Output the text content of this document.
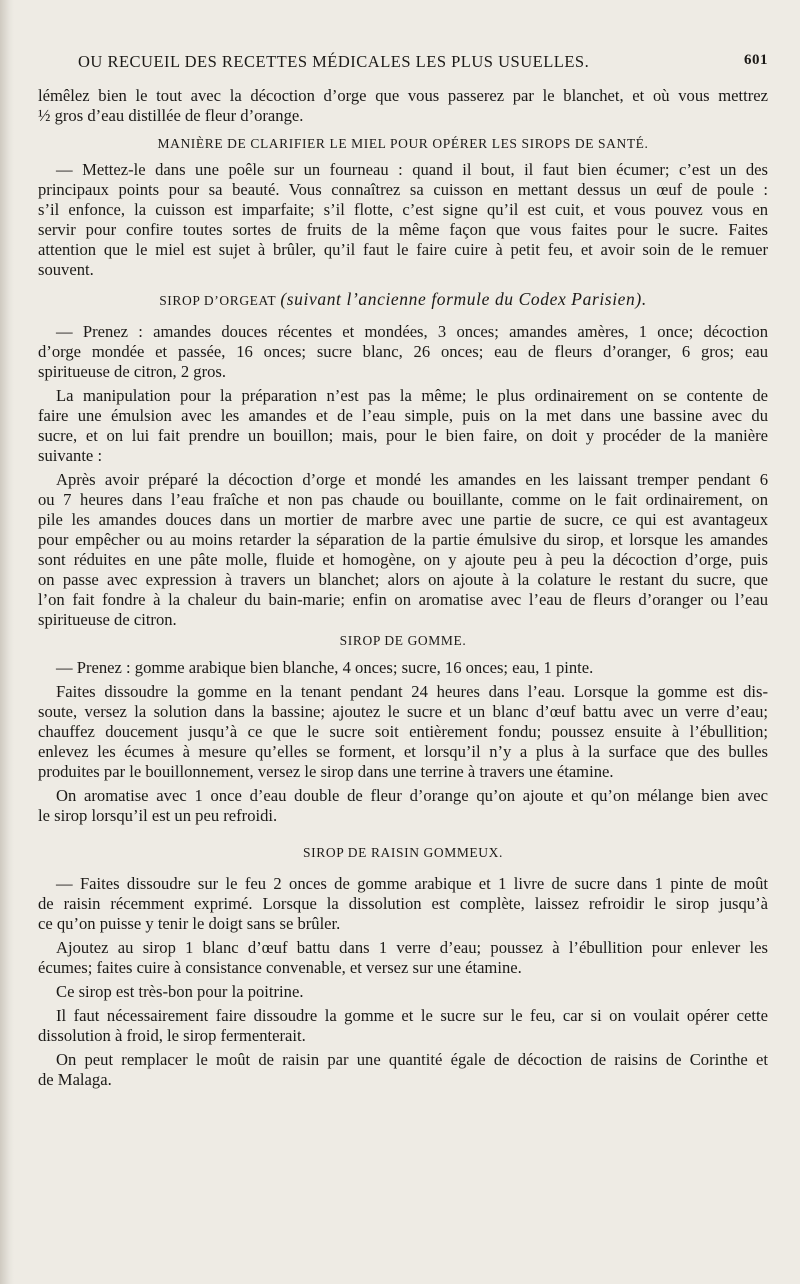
OU RECUEIL DES RECETTES MÉDICALES LES PLUS USUELLES.	601
lémêlez bien le tout avec la décoction d’orge que vous passerez par le blanchet, et où vous mettrez
½ gros d’eau distillée de fleur d’orange.
MANIÈRE DE CLARIFIER LE MIEL POUR OPÉRER LES SIROPS DE SANTÉ.
— Mettez-le dans une poêle sur un fourneau : quand il bout, il faut bien écumer; c’est un des
principaux points pour sa beauté. Vous connaîtrez sa cuisson en mettant dessus un œuf de poule :
s’il enfonce, la cuisson est imparfaite; s’il flotte, c’est signe qu’il est cuit, et vous pouvez vous en
servir pour confire toutes sortes de fruits de la même façon que vous faites pour le sucre. Faites
attention que le miel est sujet à brûler, qu’il faut le faire cuire à petit feu, et avoir soin de le remuer
souvent.
SIROP D’ORGEAT (suivant l’ancienne formule du Codex Parisien).
— Prenez : amandes douces récentes et mondées, 3 onces; amandes amères, 1 once; décoction
d’orge mondée et passée, 16 onces; sucre blanc, 26 onces; eau de fleurs d’oranger, 6 gros; eau
spiritueuse de citron, 2 gros.
La manipulation pour la préparation n’est pas la même; le plus ordinairement on se contente de
faire une émulsion avec les amandes et de l’eau simple, puis on la met dans une bassine avec du
sucre, et on lui fait prendre un bouillon; mais, pour le bien faire, on doit y procéder de la manière
suivante :
Après avoir préparé la décoction d’orge et mondé les amandes en les laissant tremper pendant 6
ou 7 heures dans l’eau fraîche et non pas chaude ou bouillante, comme on le fait ordinairement, on
pile les amandes douces dans un mortier de marbre avec une partie de sucre, ce qui est avantageux
pour empêcher ou au moins retarder la séparation de la partie émulsive du sirop, et lorsque les amandes
sont réduites en une pâte molle, fluide et homogène, on y ajoute peu à peu la décoction d’orge, puis
on passe avec expression à travers un blanchet; alors on ajoute à la colature le restant du sucre, que
l’on fait fondre à la chaleur du bain-marie; enfin on aromatise avec l’eau de fleurs d’oranger ou l’eau
spiritueuse de citron.
SIROP DE GOMME.
— Prenez : gomme arabique bien blanche, 4 onces; sucre, 16 onces; eau, 1 pinte.
Faites dissoudre la gomme en la tenant pendant 24 heures dans l’eau. Lorsque la gomme est dis-
soute, versez la solution dans la bassine; ajoutez le sucre et un blanc d’œuf battu avec un verre d’eau;
chauffez doucement jusqu’à ce que le sucre soit entièrement fondu; poussez ensuite à l’ébullition;
enlevez les écumes à mesure qu’elles se forment, et lorsqu’il n’y a plus à la surface que des bulles
produites par le bouillonnement, versez le sirop dans une terrine à travers une étamine.
On aromatise avec 1 once d’eau double de fleur d’orange qu’on ajoute et qu’on mélange bien avec
le sirop lorsqu’il est un peu refroidi.
SIROP DE RAISIN GOMMEUX.
— Faites dissoudre sur le feu 2 onces de gomme arabique et 1 livre de sucre dans 1 pinte de moût
de raisin récemment exprimé. Lorsque la dissolution est complète, laissez refroidir le sirop jusqu’à
ce qu’on puisse y tenir le doigt sans se brûler.
Ajoutez au sirop 1 blanc d’œuf battu dans 1 verre d’eau; poussez à l’ébullition pour enlever les
écumes; faites cuire à consistance convenable, et versez sur une étamine.
Ce sirop est très-bon pour la poitrine.
Il faut nécessairement faire dissoudre la gomme et le sucre sur le feu, car si on voulait opérer cette
dissolution à froid, le sirop fermenterait.
On peut remplacer le moût de raisin par une quantité égale de décoction de raisins de Corinthe et
de Malaga.
